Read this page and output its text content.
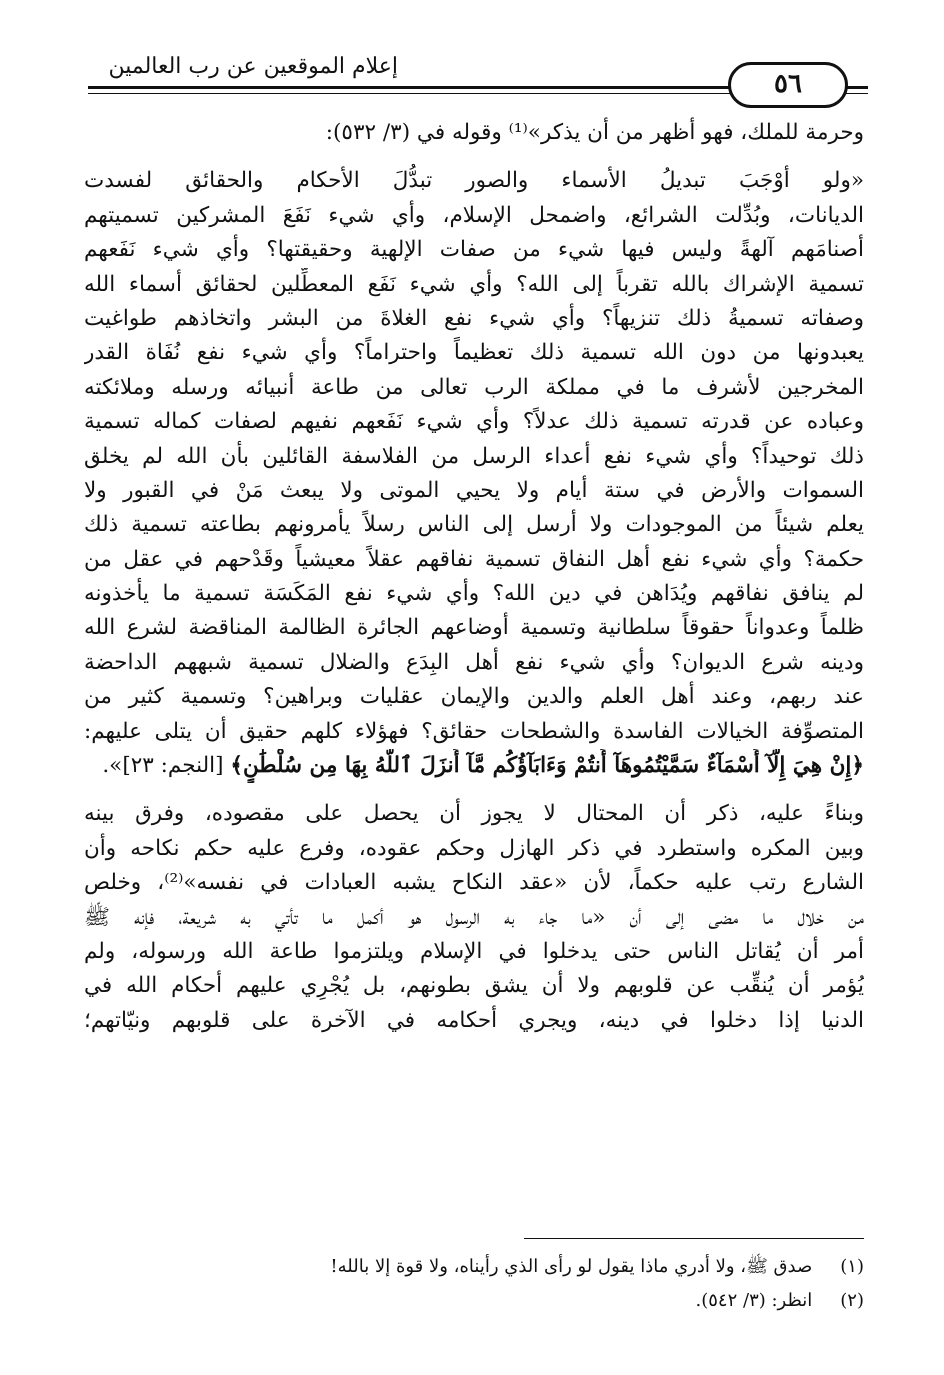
إعلام الموقعين عن رب العالمين
٥٦
وحرمة للملك، فهو أظهر من أن يذكر»⁽¹⁾ وقوله في (٣/ ٥٣٢):
«ولو أوْجَبَ تبديلُ الأسماء والصور تبدُّلَ الأحكام والحقائق لفسدت
الديانات، وبُدِّلت الشرائع، واضمحل الإسلام، وأي شيء نَفَعَ المشركين تسميتهم
أصنامَهم آلهةً وليس فيها شيء من صفات الإلهية وحقيقتها؟ وأي شيء نَفَعهم
تسمية الإشراك بالله تقرباً إلى الله؟ وأي شيء نَفَع المعطِّلين لحقائق أسماء الله
وصفاته تسميةُ ذلك تنزيهاً؟ وأي شيء نفع الغلاةَ من البشر واتخاذهم طواغيت
يعبدونها من دون الله تسمية ذلك تعظيماً واحتراماً؟ وأي شيء نفع نُفَاة القدر
المخرجين لأشرف ما في مملكة الرب تعالى من طاعة أنبيائه ورسله وملائكته
وعباده عن قدرته تسمية ذلك عدلاً؟ وأي شيء نَفَعهم نفيهم لصفات كماله تسمية
ذلك توحيداً؟ وأي شيء نفع أعداء الرسل من الفلاسفة القائلين بأن الله لم يخلق
السموات والأرض في ستة أيام ولا يحيي الموتى ولا يبعث مَنْ في القبور ولا
يعلم شيئاً من الموجودات ولا أرسل إلى الناس رسلاً يأمرونهم بطاعته تسمية ذلك
حكمة؟ وأي شيء نفع أهل النفاق تسمية نفاقهم عقلاً معيشياً وقَدْحهم في عقل من
لم ينافق نفاقهم ويُدَاهن في دين الله؟ وأي شيء نفع المَكَسَة تسمية ما يأخذونه
ظلماً وعدواناً حقوقاً سلطانية وتسمية أوضاعهم الجائرة الظالمة المناقضة لشرع الله
ودينه شرع الديوان؟ وأي شيء نفع أهل البِدَع والضلال تسمية شبههم الداحضة
عند ربهم، وعند أهل العلم والدين والإيمان عقليات وبراهين؟ وتسمية كثير من
المتصوِّفة الخيالات الفاسدة والشطحات حقائق؟ فهؤلاء كلهم حقيق أن يتلى عليهم:
﴿إِنْ هِيَ إِلَّآ أَسْمَآءٌ سَمَّيْتُمُوهَآ أَنتُمْ وَءَابَآؤُكُم مَّآ أَنزَلَ ٱللَّهُ بِهَا مِن سُلْطَٰنٍ﴾ [النجم: ٢٣]».
وبناءً عليه، ذكر أن المحتال لا يجوز أن يحصل على مقصوده، وفرق بينه
وبين المكره واستطرد في ذكر الهازل وحكم عقوده، وفرع عليه حكم نكاحه وأن
الشارع رتب عليه حكماً، لأن «عقد النكاح يشبه العبادات في نفسه»⁽²⁾، وخلص
من خلال ما مضى إلى أن «ما جاء به الرسول هو أكمل ما تأتي به شريعة، فإنه ﷺ
أمر أن يُقاتل الناس حتى يدخلوا في الإسلام ويلتزموا طاعة الله ورسوله، ولم
يُؤمر أن يُنقِّب عن قلوبهم ولا أن يشق بطونهم، بل يُجْرِي عليهم أحكام الله في
الدنيا إذا دخلوا في دينه، ويجري أحكامه في الآخرة على قلوبهم ونيّاتهم؛
(١) صدق ﷺ، ولا أدري ماذا يقول لو رأى الذي رأيناه، ولا قوة إلا بالله!
(٢) انظر: (٣/ ٥٤٢).
